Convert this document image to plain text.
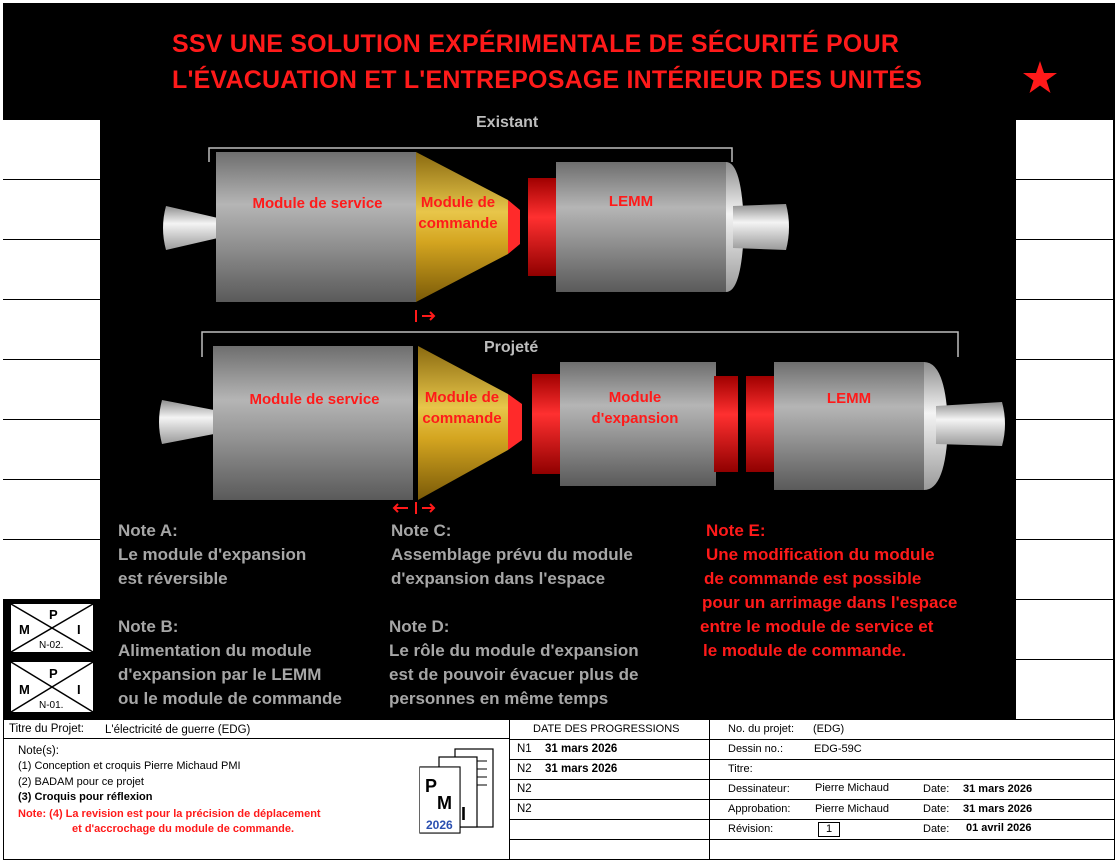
SSV UNE SOLUTION EXPÉRIMENTALE DE SÉCURITÉ POUR
L'ÉVACUATION ET L'ENTREPOSAGE INTÉRIEUR DES UNITÉS
M
P
I
N-02.
M
P
I
N-01.
Existant
Projeté
Module de service	Module de
commande
LEMM
Module de service	Module de
commande
Module
d'expansion
LEMM
Note A:
Le module d'expansion
est réversible
Note B:
Alimentation du module
d'expansion par le LEMM
ou le module de commande
Note C:
Assemblage prévu du module
d'expansion dans l'espace
Note D:
Le rôle du module d'expansion
est de pouvoir évacuer plus de
personnes en même temps
Note E:
Une modification du module
de commande est possible
pour un arrimage dans l'espace
entre le module de service et
le module de commande.
Titre du Projet: L'électricité de guerre (EDG)
Note(s):
(1) Conception et croquis Pierre Michaud PMI
(2) BADAM pour ce projet
(3) Croquis pour réflexion
Note: (4) La revision est pour la précision de déplacement
et d'accrochage du module de commande.
P
M
I
2026
DATE DES PROGRESSIONS
N1 31 mars 2026
N2 31 mars 2026
N2
N2
No. du projet: (EDG)
Dessin no.:	EDG-59C
Titre:
Dessinateur: Pierre Michaud	Date: 31 mars 2026
Approbation: Pierre Michaud	Date: 31 mars 2026
Révision:	1	Date: 01 avril 2026
